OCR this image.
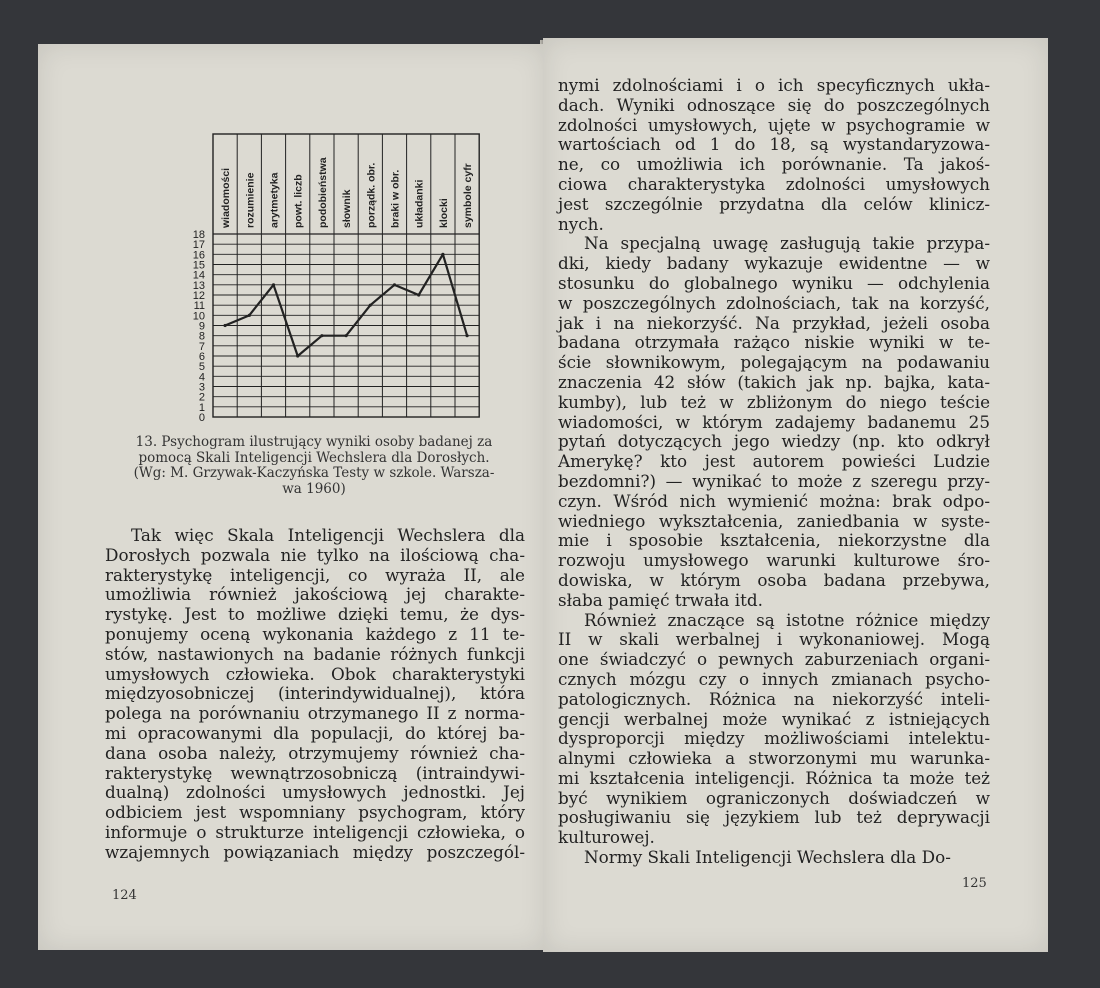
0
1
2
3
4
5
6
7
8
9
10
11
12
13
14
15
16
17
18
wiadomości rozumienie arytmetyka powt. liczb podobieństwa słownik porządk. obr. braki w obr. układanki klocki symbole cyfr
13. Psychogram ilustrujący wyniki osoby badanej za
pomocą Skali Inteligencji Wechslera dla Dorosłych.
(Wg: M. Grzywak-Kaczyńska Testy w szkole. Warsza-
wa 1960)
Tak więc Skala Inteligencji Wechslera dla
Dorosłych pozwala nie tylko na ilościową cha-
rakterystykę inteligencji, co wyraża II, ale
umożliwia również jakościową jej charakte-
rystykę. Jest to możliwe dzięki temu, że dys-
ponujemy oceną wykonania każdego z 11 te-
stów, nastawionych na badanie różnych funkcji
umysłowych człowieka. Obok charakterystyki
międzyosobniczej (interindywidualnej), która
polega na porównaniu otrzymanego II z norma-
mi opracowanymi dla populacji, do której ba-
dana osoba należy, otrzymujemy również cha-
rakterystykę wewnątrzosobniczą (intraindywi-
dualną) zdolności umysłowych jednostki. Jej
odbiciem jest wspomniany psychogram, który
informuje o strukturze inteligencji człowieka, o
wzajemnych powiązaniach między poszczegól-
124
nymi zdolnościami i o ich specyficznych ukła-
dach. Wyniki odnoszące się do poszczególnych
zdolności umysłowych, ujęte w psychogramie w
wartościach od 1 do 18, są wystandaryzowa-
ne, co umożliwia ich porównanie. Ta jakoś-
ciowa charakterystyka zdolności umysłowych
jest szczególnie przydatna dla celów klinicz-
nych.
Na specjalną uwagę zasługują takie przypa-
dki, kiedy badany wykazuje ewidentne — w
stosunku do globalnego wyniku — odchylenia
w poszczególnych zdolnościach, tak na korzyść,
jak i na niekorzyść. Na przykład, jeżeli osoba
badana otrzymała rażąco niskie wyniki w te-
ście słownikowym, polegającym na podawaniu
znaczenia 42 słów (takich jak np. bajka, kata-
kumby), lub też w zbliżonym do niego teście
wiadomości, w którym zadajemy badanemu 25
pytań dotyczących jego wiedzy (np. kto odkrył
Amerykę? kto jest autorem powieści Ludzie
bezdomni?) — wynikać to może z szeregu przy-
czyn. Wśród nich wymienić można: brak odpo-
wiedniego wykształcenia, zaniedbania w syste-
mie i sposobie kształcenia, niekorzystne dla
rozwoju umysłowego warunki kulturowe śro-
dowiska, w którym osoba badana przebywa,
słaba pamięć trwała itd.
Również znaczące są istotne różnice między
II w skali werbalnej i wykonaniowej. Mogą
one świadczyć o pewnych zaburzeniach organi-
cznych mózgu czy o innych zmianach psycho-
patologicznych. Różnica na niekorzyść inteli-
gencji werbalnej może wynikać z istniejących
dysproporcji między możliwościami intelektu-
alnymi człowieka a stworzonymi mu warunka-
mi kształcenia inteligencji. Różnica ta może też
być wynikiem ograniczonych doświadczeń w
posługiwaniu się językiem lub też deprywacji
kulturowej.
Normy Skali Inteligencji Wechslera dla Do-
125
